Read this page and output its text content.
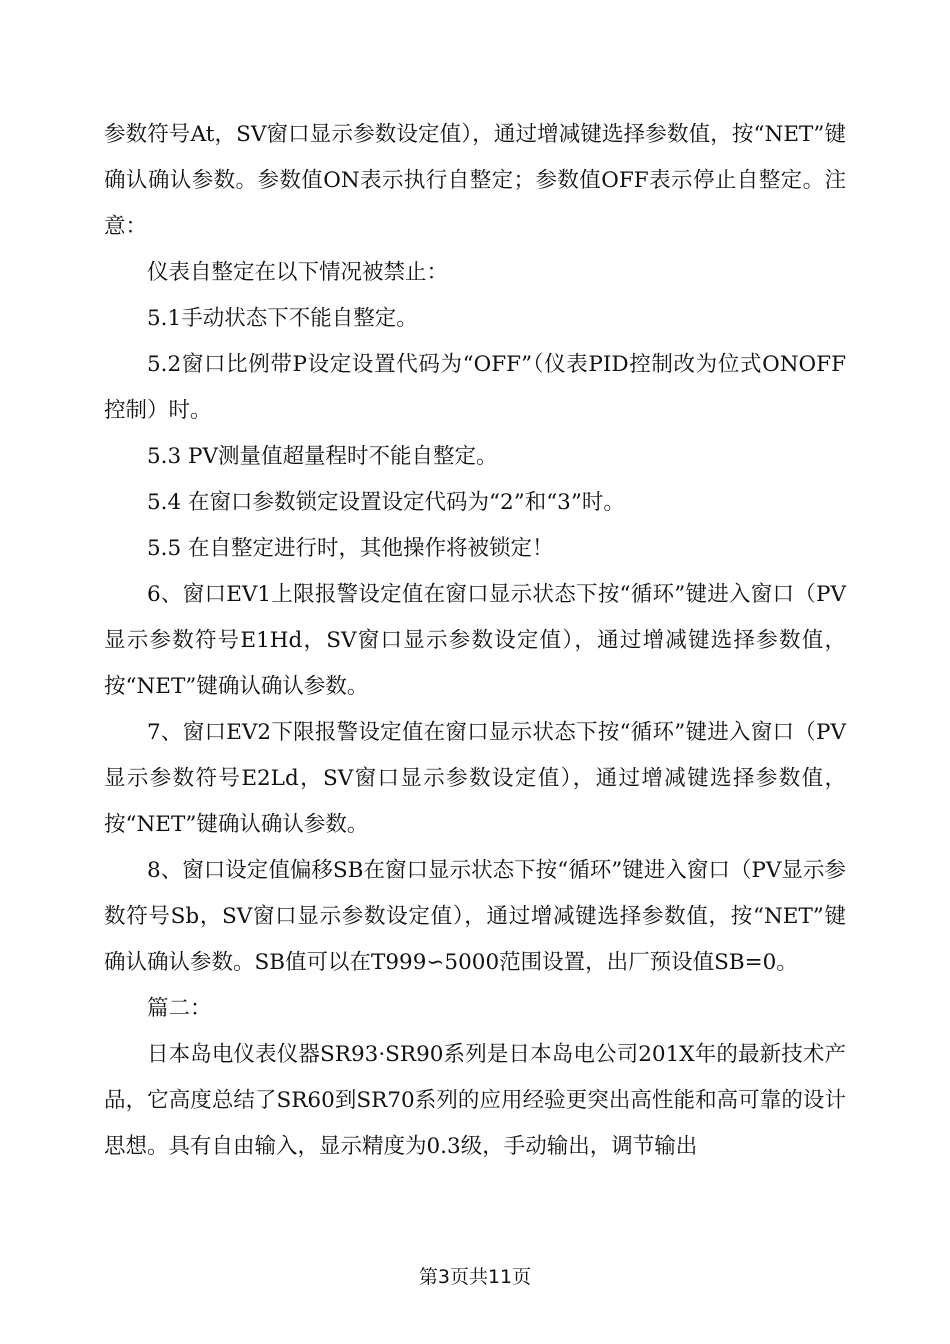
参数符号At，SV窗口显示参数设定值），通过增减键选择参数值，按“NET”键确认确认参数。参数值ON表示执行自整定；参数值OFF表示停止自整定。注意：

仪表自整定在以下情况被禁止：

5.1手动状态下不能自整定。

5.2窗口比例带P设定设置代码为“OFF”（仪表PID控制改为位式ONOFF控制）时。

5.3 PV测量值超量程时不能自整定。

5.4 在窗口参数锁定设置设定代码为“2”和“3”时。

5.5 在自整定进行时，其他操作将被锁定！

6、窗口EV1上限报警设定值在窗口显示状态下按“循环”键进入窗口（PV显示参数符号E1Hd，SV窗口显示参数设定值），通过增减键选择参数值，按“NET”键确认确认参数。

7、窗口EV2下限报警设定值在窗口显示状态下按“循环”键进入窗口（PV显示参数符号E2Ld，SV窗口显示参数设定值），通过增减键选择参数值，按“NET”键确认确认参数。

8、窗口设定值偏移SB在窗口显示状态下按“循环”键进入窗口（PV显示参数符号Sb，SV窗口显示参数设定值），通过增减键选择参数值，按“NET”键确认确认参数。SB值可以在T999∽5000范围设置，出厂预设值SB=0。

篇二：

日本岛电仪表仪器SR93·SR90系列是日本岛电公司201X年的最新技术产品，它高度总结了SR60到SR70系列的应用经验更突出高性能和高可靠的设计思想。具有自由输入，显示精度为0.3级，手动输出，调节输出

第3页共11页
